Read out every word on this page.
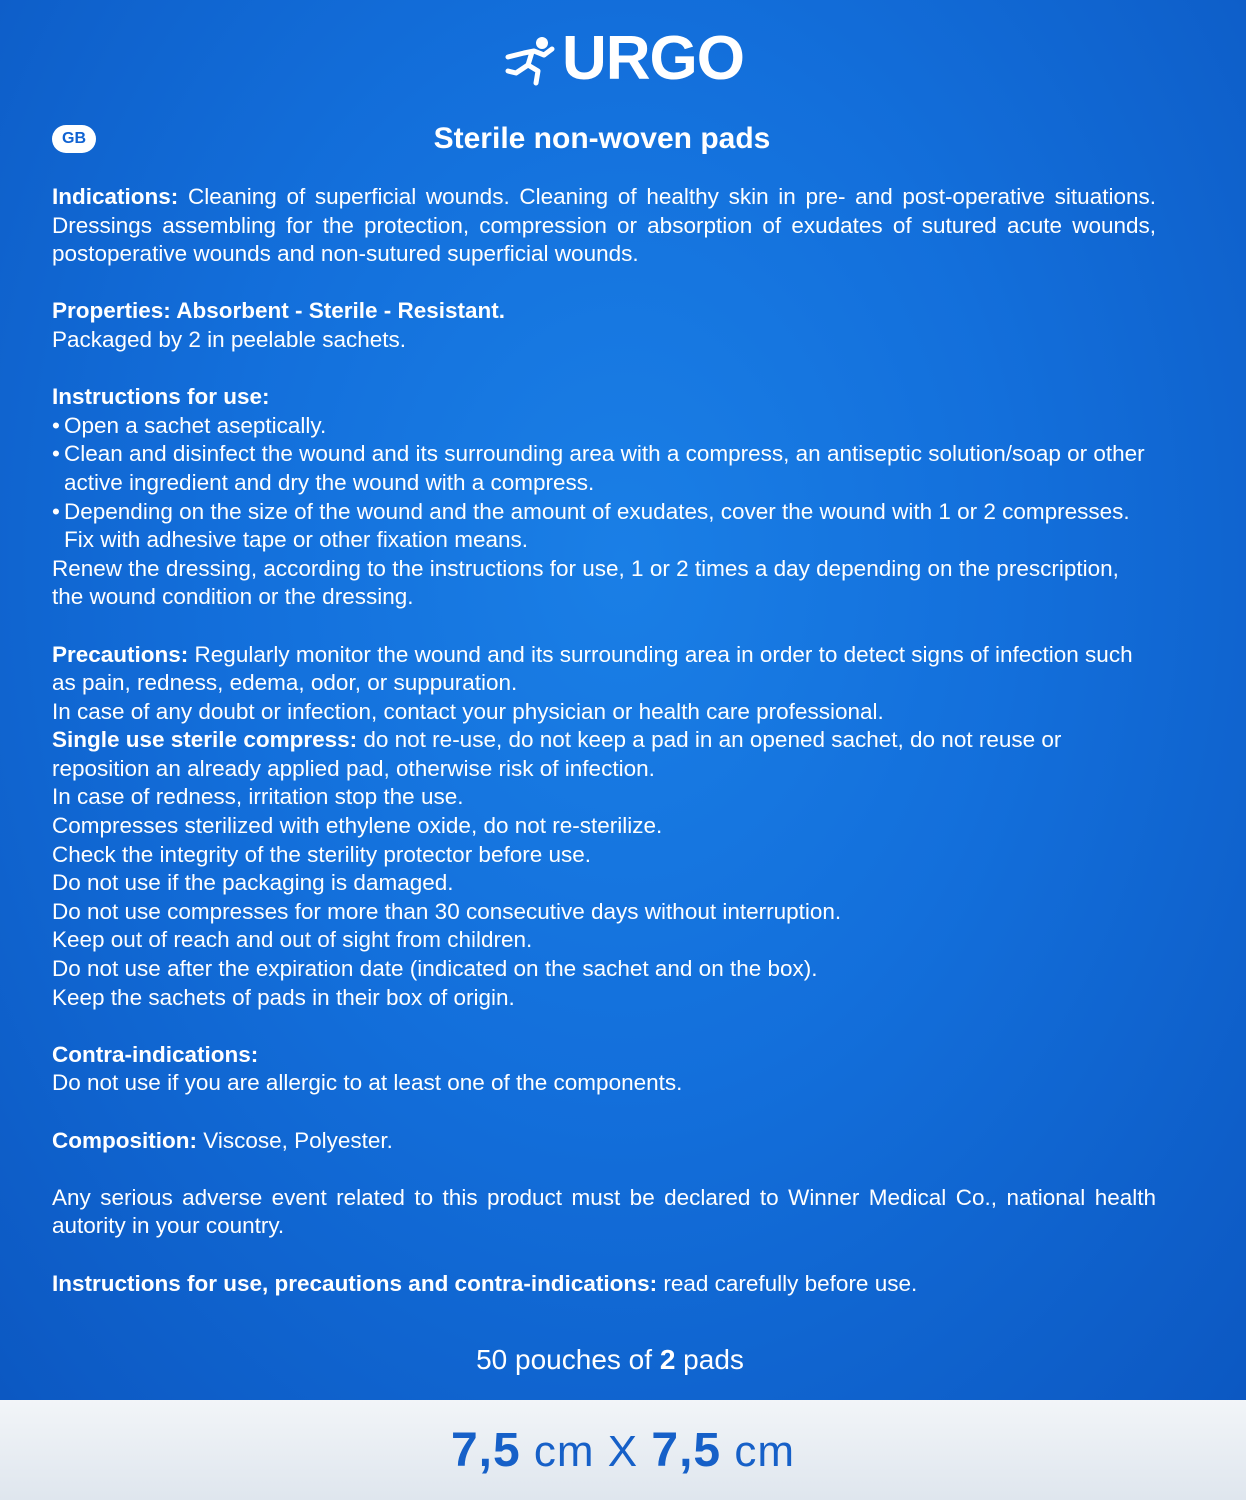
URGO
GB	Sterile non-woven pads

Indications: Cleaning of superficial wounds. Cleaning of healthy skin in pre- and post-operative situations. Dressings assembling for the protection, compression or absorption of exudates of sutured acute wounds, postoperative wounds and non-sutured superficial wounds.

Properties: Absorbent - Sterile - Resistant.

Packaged by 2 in peelable sachets.

Instructions for use:

• Open a sachet aseptically.
• Clean and disinfect the wound and its surrounding area with a compress, an antiseptic solution/soap or other active ingredient and dry the wound with a compress.
• Depending on the size of the wound and the amount of exudates, cover the wound with 1 or 2 compresses. Fix with adhesive tape or other fixation means.

Renew the dressing, according to the instructions for use, 1 or 2 times a day depending on the prescription, the wound condition or the dressing.

Precautions: Regularly monitor the wound and its surrounding area in order to detect signs of infection such as pain, redness, edema, odor, or suppuration.

In case of any doubt or infection, contact your physician or health care professional.

Single use sterile compress: do not re-use, do not keep a pad in an opened sachet, do not reuse or reposition an already applied pad, otherwise risk of infection.

In case of redness, irritation stop the use.

Compresses sterilized with ethylene oxide, do not re-sterilize.

Check the integrity of the sterility protector before use.

Do not use if the packaging is damaged.

Do not use compresses for more than 30 consecutive days without interruption.

Keep out of reach and out of sight from children.

Do not use after the expiration date (indicated on the sachet and on the box).

Keep the sachets of pads in their box of origin.

Contra-indications:

Do not use if you are allergic to at least one of the components.

Composition: Viscose, Polyester.

Any serious adverse event related to this product must be declared to Winner Medical Co., national health autority in your country.

Instructions for use, precautions and contra-indications: read carefully before use.

50 pouches of 2 pads
7,5 cm X 7,5 cm
